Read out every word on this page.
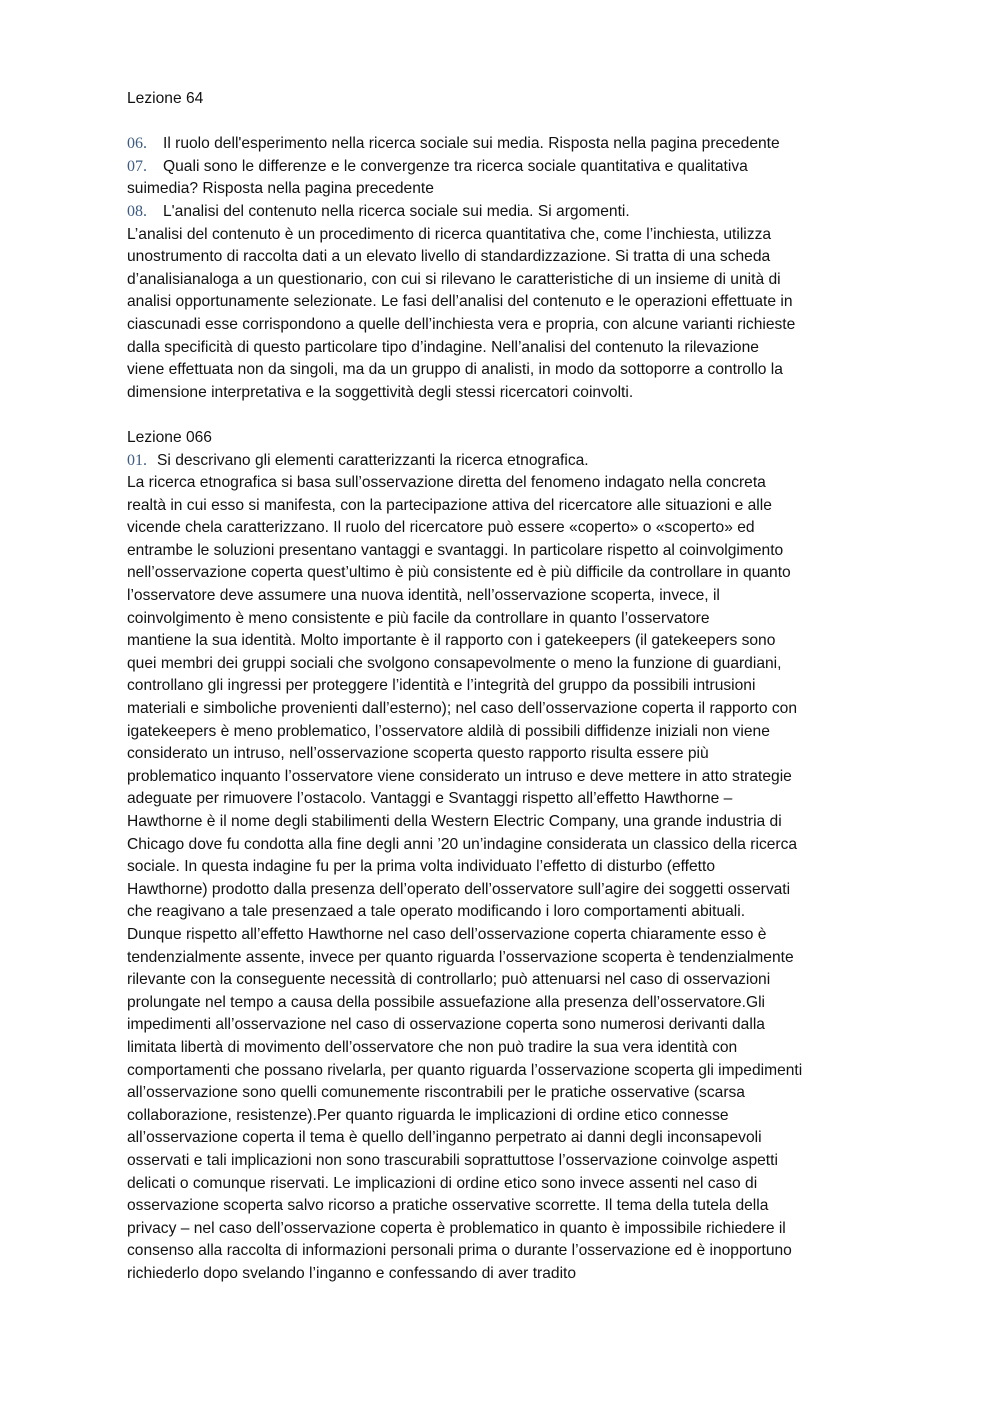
Lezione 64
06. Il ruolo dell'esperimento nella ricerca sociale sui media. Risposta nella pagina precedente
07. Quali sono le differenze e le convergenze tra ricerca sociale quantitativa e qualitativa
suimedia? Risposta nella pagina precedente
08. L'analisi del contenuto nella ricerca sociale sui media. Si argomenti.
L’analisi del contenuto è un procedimento di ricerca quantitativa che, come l’inchiesta, utilizza
unostrumento di raccolta dati a un elevato livello di standardizzazione. Si tratta di una scheda
d’analisianaloga a un questionario, con cui si rilevano le caratteristiche di un insieme di unità di
analisi opportunamente selezionate. Le fasi dell’analisi del contenuto e le operazioni effettuate in
ciascunadi esse corrispondono a quelle dell’inchiesta vera e propria, con alcune varianti richieste
dalla specificità di questo particolare tipo d’indagine. Nell’analisi del contenuto la rilevazione
viene effettuata non da singoli, ma da un gruppo di analisti, in modo da sottoporre a controllo la
dimensione interpretativa e la soggettività degli stessi ricercatori coinvolti.
Lezione 066
01. Si descrivano gli elementi caratterizzanti la ricerca etnografica.
La ricerca etnografica si basa sull’osservazione diretta del fenomeno indagato nella concreta
realtà in cui esso si manifesta, con la partecipazione attiva del ricercatore alle situazioni e alle
vicende chela caratterizzano. Il ruolo del ricercatore può essere «coperto» o «scoperto» ed
entrambe le soluzioni presentano vantaggi e svantaggi. In particolare rispetto al coinvolgimento
nell’osservazione coperta quest’ultimo è più consistente ed è più difficile da controllare in quanto
l’osservatore deve assumere una nuova identità, nell’osservazione scoperta, invece, il
coinvolgimento è meno consistente e più facile da controllare in quanto l’osservatore
mantiene la sua identità. Molto importante è il rapporto con i gatekeepers (il gatekeepers sono
quei membri dei gruppi sociali che svolgono consapevolmente o meno la funzione di guardiani,
controllano gli ingressi per proteggere l’identità e l’integrità del gruppo da possibili intrusioni
materiali e simboliche provenienti dall’esterno); nel caso dell’osservazione coperta il rapporto con
igatekeepers è meno problematico, l’osservatore aldilà di possibili diffidenze iniziali non viene
considerato un intruso, nell’osservazione scoperta questo rapporto risulta essere più
problematico inquanto l’osservatore viene considerato un intruso e deve mettere in atto strategie
adeguate per rimuovere l’ostacolo. Vantaggi e Svantaggi rispetto all’effetto Hawthorne –
Hawthorne è il nome degli stabilimenti della Western Electric Company, una grande industria di
Chicago dove fu condotta alla fine degli anni ’20 un’indagine considerata un classico della ricerca
sociale. In questa indagine fu per la prima volta individuato l’effetto di disturbo (effetto
Hawthorne) prodotto dalla presenza dell’operato dell’osservatore sull’agire dei soggetti osservati
che reagivano a tale presenzaed a tale operato modificando i loro comportamenti abituali.
Dunque rispetto all’effetto Hawthorne nel caso dell’osservazione coperta chiaramente esso è
tendenzialmente assente, invece per quanto riguarda l’osservazione scoperta è tendenzialmente
rilevante con la conseguente necessità di controllarlo; può attenuarsi nel caso di osservazioni
prolungate nel tempo a causa della possibile assuefazione alla presenza dell’osservatore.Gli
impedimenti all’osservazione nel caso di osservazione coperta sono numerosi derivanti dalla
limitata libertà di movimento dell’osservatore che non può tradire la sua vera identità con
comportamenti che possano rivelarla, per quanto riguarda l’osservazione scoperta gli impedimenti
all’osservazione sono quelli comunemente riscontrabili per le pratiche osservative (scarsa
collaborazione, resistenze).Per quanto riguarda le implicazioni di ordine etico connesse
all’osservazione coperta il tema è quello dell’inganno perpetrato ai danni degli inconsapevoli
osservati e tali implicazioni non sono trascurabili soprattuttose l’osservazione coinvolge aspetti
delicati o comunque riservati. Le implicazioni di ordine etico sono invece assenti nel caso di
osservazione scoperta salvo ricorso a pratiche osservative scorrette. Il tema della tutela della
privacy – nel caso dell’osservazione coperta è problematico in quanto è impossibile richiedere il
consenso alla raccolta di informazioni personali prima o durante l’osservazione ed è inopportuno
richiederlo dopo svelando l’inganno e confessando di aver tradito
